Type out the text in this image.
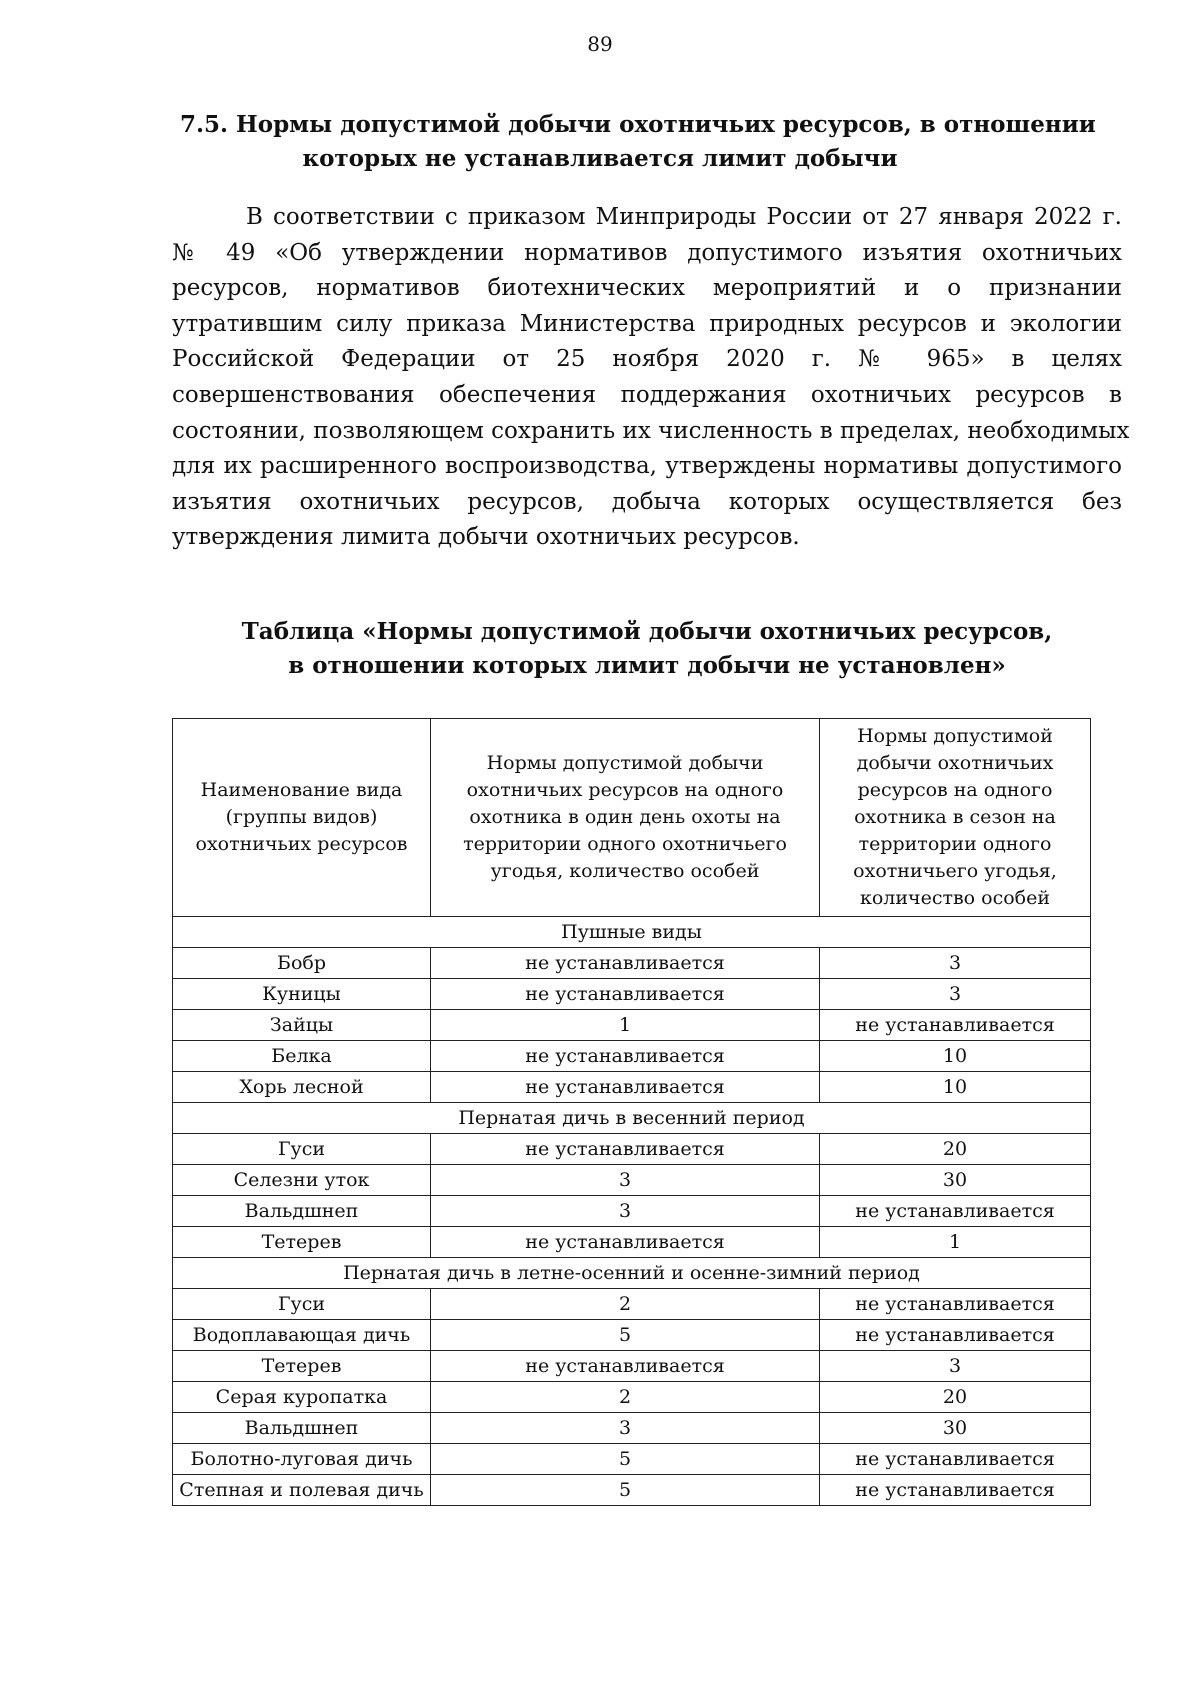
89
7.5. Нормы допустимой добычи охотничьих ресурсов, в отношении
которых не устанавливается лимит добычи
В соответствии с приказом Минприроды России от 27 января 2022 г.
№ 49 «Об утверждении нормативов допустимого изъятия охотничьих
ресурсов, нормативов биотехнических мероприятий и о признании
утратившим силу приказа Министерства природных ресурсов и экологии
Российской Федерации от 25 ноября 2020 г. № 965» в целях
совершенствования обеспечения поддержания охотничьих ресурсов в
состоянии, позволяющем сохранить их численность в пределах, необходимых
для их расширенного воспроизводства, утверждены нормативы допустимого
изъятия охотничьих ресурсов, добыча которых осуществляется без
утверждения лимита добычи охотничьих ресурсов.
Таблица «Нормы допустимой добычи охотничьих ресурсов,
в отношении которых лимит добычи не установлен»
Наименование вида (группы видов) охотничьих ресурсов	Нормы допустимой добычи охотничьих ресурсов на одного охотника в один день охоты на территории одного охотничьего угодья, количество особей	Нормы допустимой добычи охотничьих ресурсов на одного охотника в сезон на территории одного охотничьего угодья, количество особей
Пушные виды		
Бобр	не устанавливается	3
Куницы	не устанавливается	3
Зайцы	1	не устанавливается
Белка	не устанавливается	10
Хорь лесной	не устанавливается	10
Пернатая дичь в весенний период		
Гуси	не устанавливается	20
Селезни уток	3	30
Вальдшнеп	3	не устанавливается
Тетерев	не устанавливается	1
Пернатая дичь в летне-осенний и осенне-зимний период		
Гуси	2	не устанавливается
Водоплавающая дичь	5	не устанавливается
Тетерев	не устанавливается	3
Серая куропатка	2	20
Вальдшнеп	3	30
Болотно-луговая дичь	5	не устанавливается
Степная и полевая дичь	5	не устанавливается
